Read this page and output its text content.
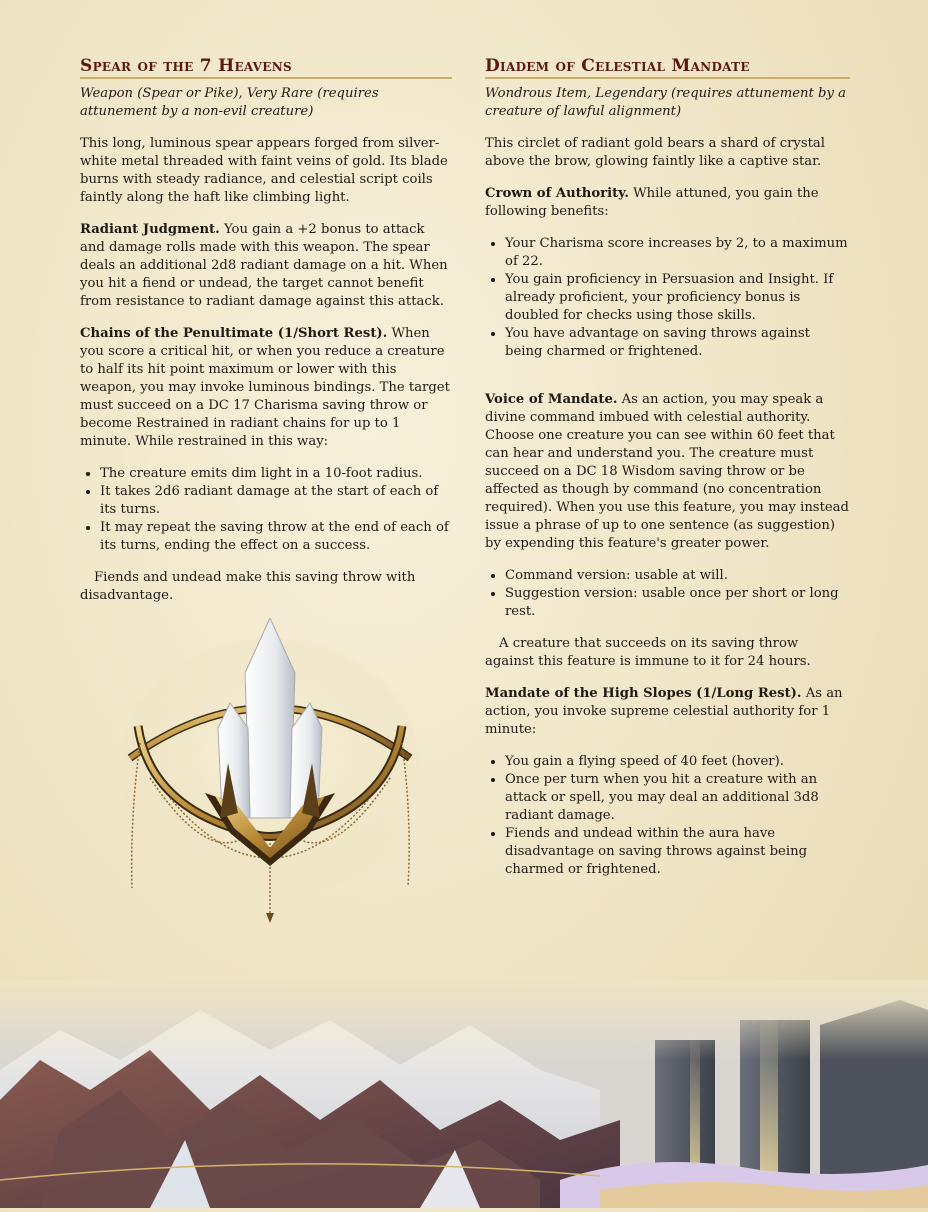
Spear of the 7 Heavens
Weapon (Spear or Pike), Very Rare (requires attunement by a non-evil creature)

This long, luminous spear appears forged from silver-white metal threaded with faint veins of gold. Its blade burns with steady radiance, and celestial script coils faintly along the haft like climbing light.

Radiant Judgment. You gain a +2 bonus to attack and damage rolls made with this weapon. The spear deals an additional 2d8 radiant damage on a hit. When you hit a fiend or undead, the target cannot benefit from resistance to radiant damage against this attack.

Chains of the Penultimate (1/Short Rest). When you score a critical hit, or when you reduce a creature to half its hit point maximum or lower with this weapon, you may invoke luminous bindings. The target must succeed on a DC 17 Charisma saving throw or become Restrained in radiant chains for up to 1 minute. While restrained in this way:

• The creature emits dim light in a 10-foot radius.
• It takes 2d6 radiant damage at the start of each of its turns.
• It may repeat the saving throw at the end of each of its turns, ending the effect on a success.

Fiends and undead make this saving throw with disadvantage.

Diadem of Celestial Mandate
Wondrous Item, Legendary (requires attunement by a creature of lawful alignment)

This circlet of radiant gold bears a shard of crystal above the brow, glowing faintly like a captive star.

Crown of Authority. While attuned, you gain the following benefits:

• Your Charisma score increases by 2, to a maximum of 22.
• You gain proficiency in Persuasion and Insight. If already proficient, your proficiency bonus is doubled for checks using those skills.
• You have advantage on saving throws against being charmed or frightened.

Voice of Mandate. As an action, you may speak a divine command imbued with celestial authority. Choose one creature you can see within 60 feet that can hear and understand you. The creature must succeed on a DC 18 Wisdom saving throw or be affected as though by command (no concentration required). When you use this feature, you may instead issue a phrase of up to one sentence (as suggestion) by expending this feature's greater power.

• Command version: usable at will.
• Suggestion version: usable once per short or long rest.

A creature that succeeds on its saving throw against this feature is immune to it for 24 hours.

Mandate of the High Slopes (1/Long Rest). As an action, you invoke supreme celestial authority for 1 minute:

• You gain a flying speed of 40 feet (hover).
• Once per turn when you hit a creature with an attack or spell, you may deal an additional 3d8 radiant damage.
• Fiends and undead within the aura have disadvantage on saving throws against being charmed or frightened.
